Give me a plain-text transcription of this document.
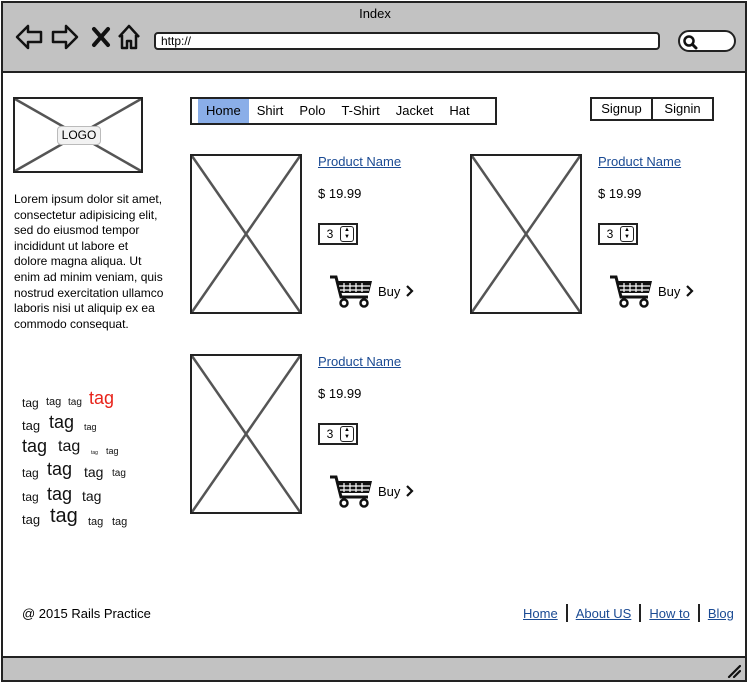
Index
http://
LOGO
Lorem ipsum dolor sit amet, consectetur adipisicing elit, sed do eiusmod tempor incididunt ut labore et dolore magna aliqua. Ut enim ad minim veniam, quis nostrud exercitation ullamco laboris nisi ut aliquip ex ea commodo consequat.
tag tag tag tag
tag tag tag
tag tag tag tag
tag tag tag tag
tag tag tag
tag tag tag tag
Home	Shirt	Polo	T-Shirt	Jacket	Hat	Signup	Signin
Product Name
$ 19.99
3	▲
▼
Buy
Product Name
$ 19.99
3	▲
▼
Buy
Product Name
$ 19.99
3	▲
▼
Buy
@ 2015 Rails Practice	Home About US How to Blog
